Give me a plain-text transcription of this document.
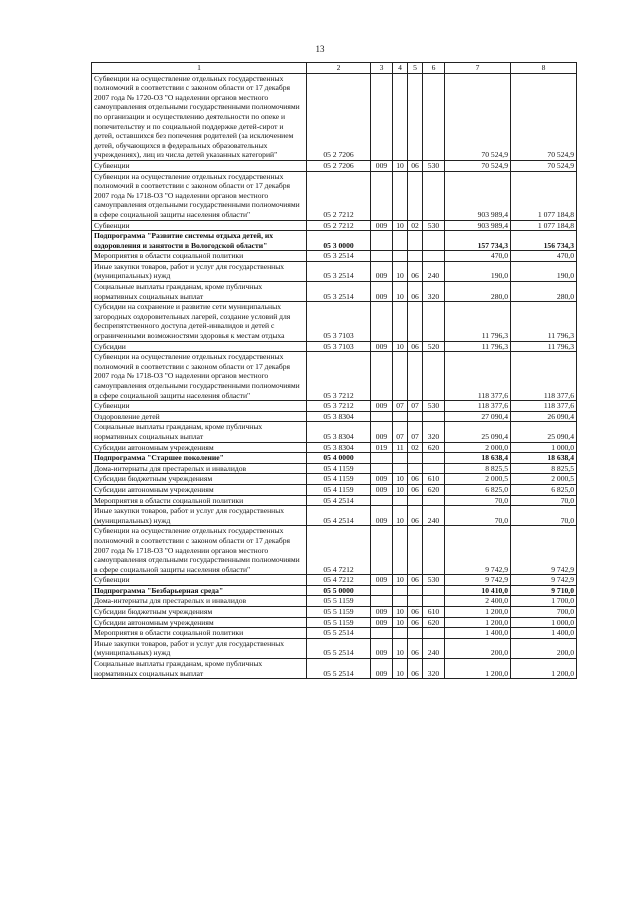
13
1	2	3	4	5	6	7	8
Субвенции на осуществление отдельных государственных полномочий в соответствии с законом области от 17 декабря 2007 года № 1720-ОЗ "О наделении органов местного самоуправления отдельными государственными полномочиями по организации и осуществлению деятельности по опеке и попечительству и по социальной поддержке детей-сирот и детей, оставшихся без попечения родителей (за исключением детей, обучающихся в федеральных образовательных учреждениях), лиц из числа детей указанных категорий"	05 2 7206					70 524,9	70 524,9
Субвенции	05 2 7206	009	10	06	530	70 524,9	70 524,9
Субвенции на осуществление отдельных государственных полномочий в соответствии с законом области от 17 декабря 2007 года № 1718-ОЗ "О наделении органов местного самоуправления отдельными государственными полномочиями в сфере социальной защиты населения области"	05 2 7212					903 989,4	1 077 184,8
Субвенции	05 2 7212	009	10	02	530	903 989,4	1 077 184,8
Подпрограмма "Развитие системы отдыха детей, их оздоровления и занятости в Вологодской области"	05 3 0000					157 734,3	156 734,3
Мероприятия в области социальной политики	05 3 2514					470,0	470,0
Иные закупки товаров, работ и услуг для государственных (муниципальных) нужд	05 3 2514	009	10	06	240	190,0	190,0
Социальные выплаты гражданам, кроме публичных нормативных социальных выплат	05 3 2514	009	10	06	320	280,0	280,0
Субсидии на сохранение и развитие сети муниципальных загородных оздоровительных лагерей, создание условий для беспрепятственного доступа детей-инвалидов и детей с ограниченными возможностями здоровья к местам отдыха	05 3 7103					11 796,3	11 796,3
Субсидии	05 3 7103	009	10	06	520	11 796,3	11 796,3
Субвенции на осуществление отдельных государственных полномочий в соответствии с законом области от 17 декабря 2007 года № 1718-ОЗ "О наделении органов местного самоуправления отдельными государственными полномочиями в сфере социальной защиты населения области"	05 3 7212					118 377,6	118 377,6
Субвенции	05 3 7212	009	07	07	530	118 377,6	118 377,6
Оздоровление детей	05 3 8304					27 090,4	26 090,4
Социальные выплаты гражданам, кроме публичных нормативных социальных выплат	05 3 8304	009	07	07	320	25 090,4	25 090,4
Субсидии автономным учреждениям	05 3 8304	019	11	02	620	2 000,0	1 000,0
Подпрограмма "Старшее поколение"	05 4 0000					18 638,4	18 638,4
Дома-интернаты для престарелых и инвалидов	05 4 1159					8 825,5	8 825,5
Субсидии бюджетным учреждениям	05 4 1159	009	10	06	610	2 000,5	2 000,5
Субсидии автономным учреждениям	05 4 1159	009	10	06	620	6 825,0	6 825,0
Мероприятия в области социальной политики	05 4 2514					70,0	70,0
Иные закупки товаров, работ и услуг для государственных (муниципальных) нужд	05 4 2514	009	10	06	240	70,0	70,0
Субвенции на осуществление отдельных государственных полномочий в соответствии с законом области от 17 декабря 2007 года № 1718-ОЗ "О наделении органов местного самоуправления отдельными государственными полномочиями в сфере социальной защиты населения области"	05 4 7212					9 742,9	9 742,9
Субвенции	05 4 7212	009	10	06	530	9 742,9	9 742,9
Подпрограмма "Безбарьерная среда"	05 5 0000					10 410,0	9 710,0
Дома-интернаты для престарелых и инвалидов	05 5 1159					2 400,0	1 700,0
Субсидии бюджетным учреждениям	05 5 1159	009	10	06	610	1 200,0	700,0
Субсидии автономным учреждениям	05 5 1159	009	10	06	620	1 200,0	1 000,0
Мероприятия в области социальной политики	05 5 2514					1 400,0	1 400,0
Иные закупки товаров, работ и услуг для государственных (муниципальных) нужд	05 5 2514	009	10	06	240	200,0	200,0
Социальные выплаты гражданам, кроме публичных нормативных социальных выплат	05 5 2514	009	10	06	320	1 200,0	1 200,0
